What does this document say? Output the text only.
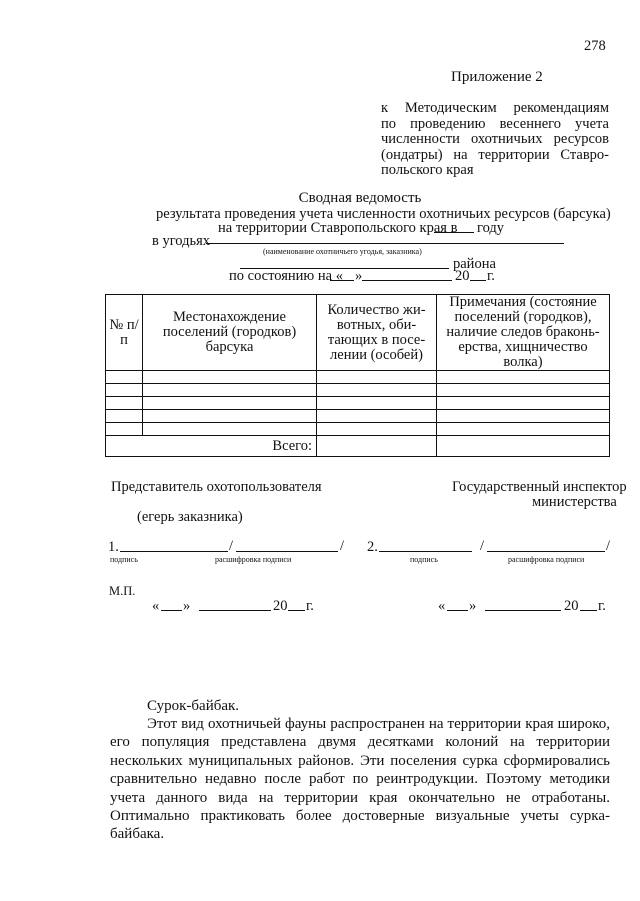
278
Приложение 2
к Методическим рекомендациям
по проведению весеннего учета
численности охотничьих ресурсов
(ондатры) на территории Ставро-
польского края
Сводная ведомость
результата проведения учета численности охотничьих ресурсов (барсука)
на территории Ставропольского края в году
в угодьях
(наименование охотничьего угодья, заказника)
района
по состоянию на « »	20 г.
№ п/п	Местонахождение поселений (городков) барсука	Количество жи-вотных, оби-тающих в посе-лении (особей)	Примечания (состояние поселений (городков), наличие следов браконь-ерства, хищничество волка)

	Всего:		
Представитель охотопользователя
(егерь заказника)
Государственный инспектор
министерства
1.	/	/
подпись	расшифровка подписи
2.	/	/
подпись	расшифровка подписи
М.П.
« »	20 г.	« »	20 г.
Сурок-байбак.
Этот вид охотничьей фауны распространен на территории края широко, его популяция представлена двумя десятками колоний на территории нескольких муниципальных районов. Эти поселения сурка сформировались сравнительно недавно после работ по реинтродукции. Поэтому методики учета данного вида на территории края окончательно не отработаны. Оптимально практиковать более достоверные визуальные учеты сурка-байбака.
